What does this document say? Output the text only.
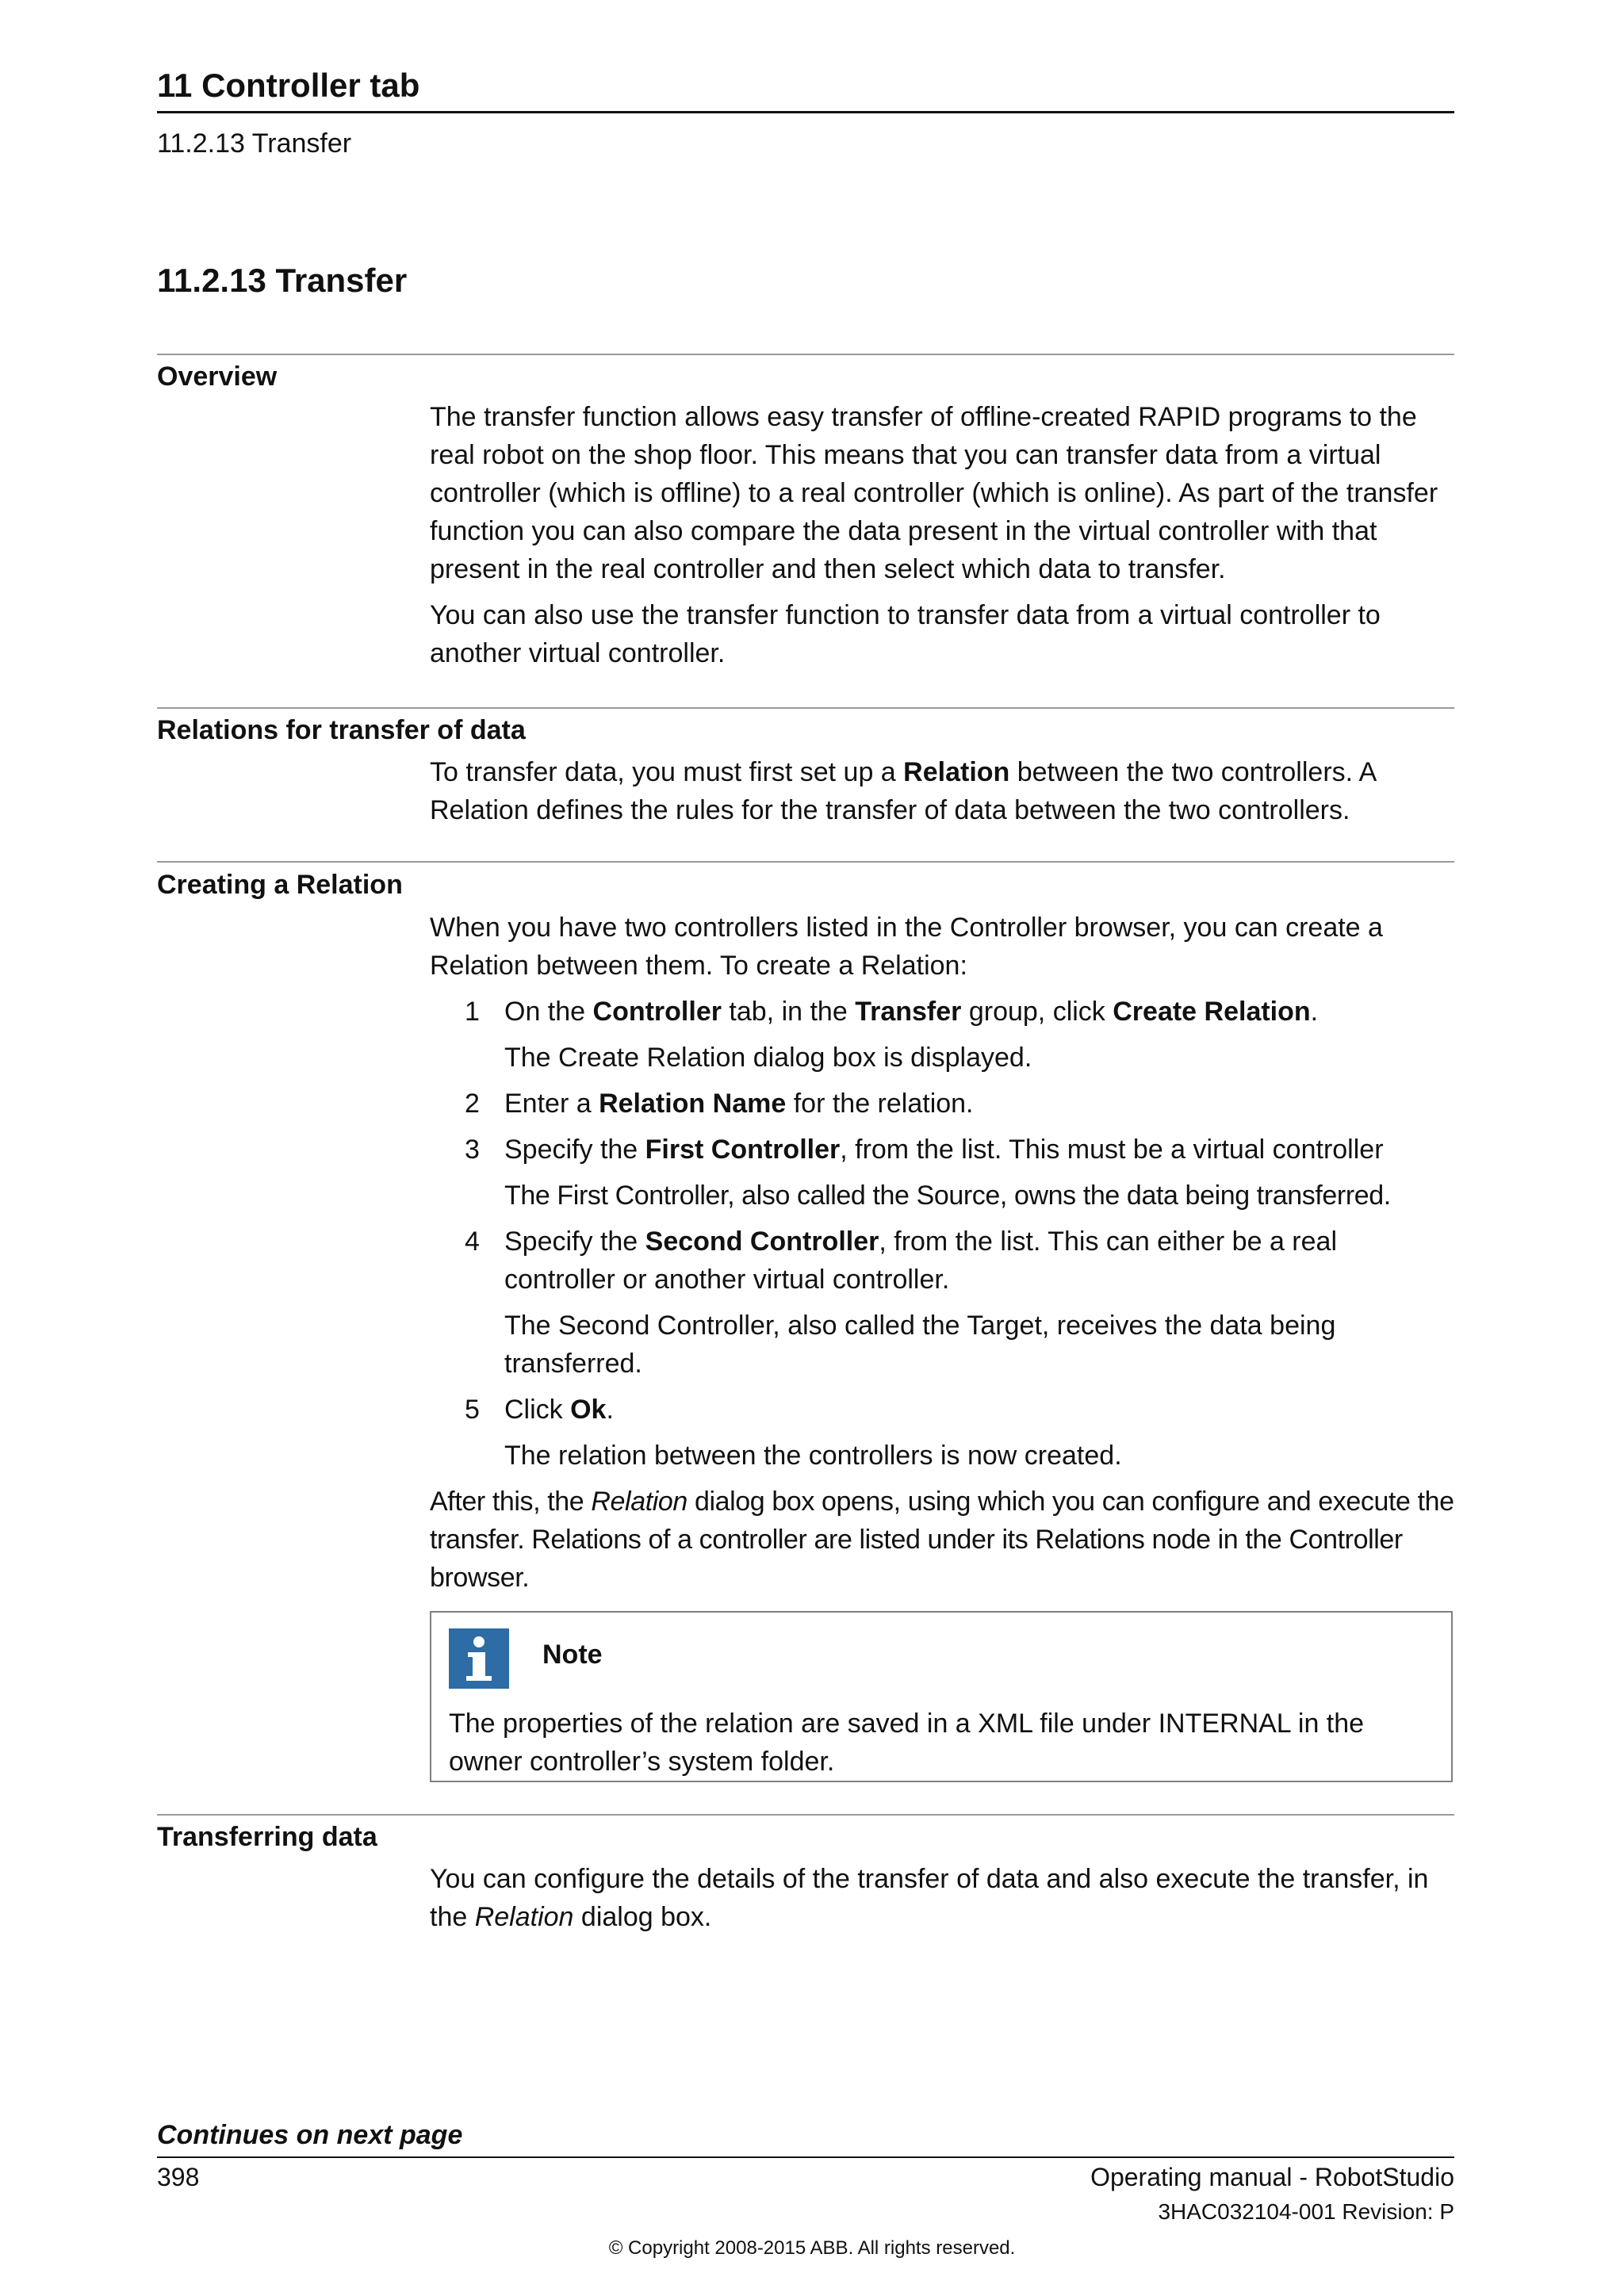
11 Controller tab
11.2.13 Transfer
11.2.13 Transfer
Overview

The transfer function allows easy transfer of offline-created RAPID programs to the real robot on the shop floor. This means that you can transfer data from a virtual controller (which is offline) to a real controller (which is online). As part of the transfer function you can also compare the data present in the virtual controller with that present in the real controller and then select which data to transfer.

You can also use the transfer function to transfer data from a virtual controller to another virtual controller.

Relations for transfer of data

To transfer data, you must first set up a Relation between the two controllers. A Relation defines the rules for the transfer of data between the two controllers.

Creating a Relation

When you have two controllers listed in the Controller browser, you can create a Relation between them. To create a Relation:

1 On the Controller tab, in the Transfer group, click Create Relation.
The Create Relation dialog box is displayed.
2 Enter a Relation Name for the relation.
3 Specify the First Controller, from the list. This must be a virtual controller
The First Controller, also called the Source, owns the data being transferred.
4 Specify the Second Controller, from the list. This can either be a real controller or another virtual controller.
The Second Controller, also called the Target, receives the data being transferred.
5 Click Ok.
The relation between the controllers is now created.

After this, the Relation dialog box opens, using which you can configure and execute the transfer. Relations of a controller are listed under its Relations node in the Controller browser.

Note
The properties of the relation are saved in a XML file under INTERNAL in the owner controller’s system folder.
Transferring data

You can configure the details of the transfer of data and also execute the transfer, in the Relation dialog box.

Continues on next page
398	Operating manual - RobotStudio
3HAC032104-001 Revision: P
© Copyright 2008-2015 ABB. All rights reserved.
